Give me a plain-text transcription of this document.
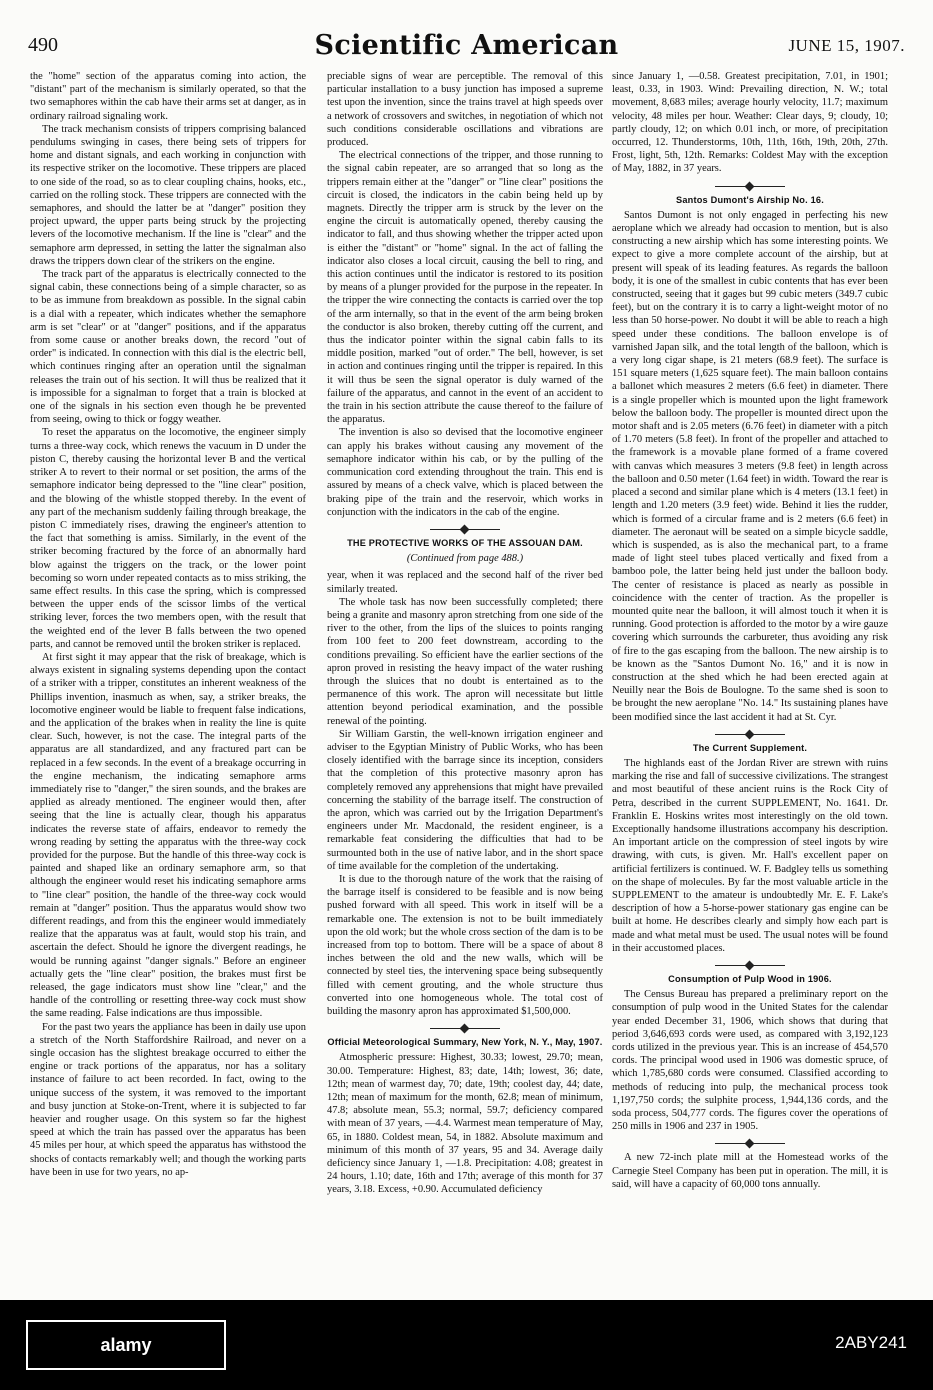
490	Scientific American	JUNE 15, 1907.

the "home" section of the apparatus coming into action, the "distant" part of the mechanism is similarly operated, so that the two semaphores within the cab have their arms set at danger, as in ordinary railroad signaling work.

The track mechanism consists of trippers comprising balanced pendulums swinging in cases, there being sets of trippers for home and distant signals, and each working in conjunction with its respective striker on the locomotive. These trippers are placed to one side of the road, so as to clear coupling chains, hooks, etc., carried on the rolling stock. These trippers are connected with the semaphores, and should the latter be at "danger" position they project upward, the upper parts being struck by the projecting levers of the locomotive mechanism. If the line is "clear" and the semaphore arm depressed, in setting the latter the signalman also draws the trippers down clear of the strikers on the engine.

The track part of the apparatus is electrically connected to the signal cabin, these connections being of a simple character, so as to be as immune from breakdown as possible. In the signal cabin is a dial with a repeater, which indicates whether the semaphore arm is set "clear" or at "danger" positions, and if the apparatus from some cause or another breaks down, the record "out of order" is indicated. In connection with this dial is the electric bell, which continues ringing after an operation until the signalman releases the train out of his section. It will thus be realized that it is impossible for a signalman to forget that a train is blocked at one of the signals in his section even though he be prevented from seeing, owing to thick or foggy weather.

To reset the apparatus on the locomotive, the engineer simply turns a three-way cock, which renews the vacuum in D under the piston C, thereby causing the horizontal lever B and the vertical striker A to revert to their normal or set position, the arms of the semaphore indicator being depressed to the "line clear" position, and the blowing of the whistle stopped thereby. In the event of any part of the mechanism suddenly failing through breakage, the piston C immediately rises, drawing the engineer's attention to the fact that something is amiss. Similarly, in the event of the striker becoming fractured by the force of an abnormally hard blow against the triggers on the track, or the lower point becoming so worn under repeated contacts as to miss striking, the same effect results. In this case the spring, which is compressed between the upper ends of the scissor limbs of the vertical striking lever, forces the two members open, with the result that the weighted end of the lever B falls between the two opened parts, and cannot be removed until the broken striker is replaced.

At first sight it may appear that the risk of breakage, which is always existent in signaling systems depending upon the contact of a striker with a tripper, constitutes an inherent weakness of the Phillips invention, inasmuch as when, say, a striker breaks, the locomotive engineer would be liable to frequent false indications, and the application of the brakes when in reality the line is quite clear. Such, however, is not the case. The integral parts of the apparatus are all standardized, and any fractured part can be replaced in a few seconds. In the event of a breakage occurring in the engine mechanism, the indicating semaphore arms immediately rise to "danger," the siren sounds, and the brakes are applied as already mentioned. The engineer would then, after seeing that the line is actually clear, though his apparatus indicates the reverse state of affairs, endeavor to remedy the wrong reading by setting the apparatus with the three-way cock provided for the purpose. But the handle of this three-way cock is painted and shaped like an ordinary semaphore arm, so that although the engineer would reset his indicating semaphore arms to "line clear" position, the handle of the three-way cock would remain at "danger" position. Thus the apparatus would show two different readings, and from this the engineer would immediately realize that the apparatus was at fault, would stop his train, and ascertain the defect. Should he ignore the divergent readings, he would be running against "danger signals." Before an engineer actually gets the "line clear" position, the brakes must first be released, the gage indicators must show line "clear," and the handle of the controlling or resetting three-way cock must show the same reading. False indications are thus impossible.

For the past two years the appliance has been in daily use upon a stretch of the North Staffordshire Railroad, and never on a single occasion has the slightest breakage occurred to either the engine or track portions of the apparatus, nor has a solitary instance of failure to act been recorded. In fact, owing to the unique success of the system, it was removed to the important and busy junction at Stoke-on-Trent, where it is subjected to far heavier and rougher usage. On this system so far the highest speed at which the train has passed over the apparatus has been 45 miles per hour, at which speed the apparatus has withstood the shocks of contacts remarkably well; and though the working parts have been in use for two years, no ap-

preciable signs of wear are perceptible. The removal of this particular installation to a busy junction has imposed a supreme test upon the invention, since the trains travel at high speeds over a network of crossovers and switches, in negotiation of which not such conditions considerable oscillations and vibrations are produced.

The electrical connections of the tripper, and those running to the signal cabin repeater, are so arranged that so long as the trippers remain either at the "danger" or "line clear" positions the circuit is closed, the indicators in the cabin being held up by magnets. Directly the tripper arm is struck by the lever on the engine the circuit is automatically opened, thereby causing the indicator to fall, and thus showing whether the tripper acted upon is either the "distant" or "home" signal. In the act of falling the indicator also closes a local circuit, causing the bell to ring, and this action continues until the indicator is restored to its position by means of a plunger provided for the purpose in the repeater. In the tripper the wire connecting the contacts is carried over the top of the arm internally, so that in the event of the arm being broken the conductor is also broken, thereby cutting off the current, and thus the indicator pointer within the signal cabin falls to its middle position, marked "out of order." The bell, however, is set in action and continues ringing until the tripper is repaired. In this it will thus be seen the signal operator is duly warned of the failure of the apparatus, and cannot in the event of an accident to the train in his section attribute the cause thereof to the failure of the apparatus.

The invention is also so devised that the locomotive engineer can apply his brakes without causing any movement of the semaphore indicator within his cab, or by the pulling of the communication cord extending throughout the train. This end is assured by means of a check valve, which is placed between the braking pipe of the train and the reservoir, which works in conjunction with the indicators in the cab of the engine.

THE PROTECTIVE WORKS OF THE ASSOUAN DAM.

(Continued from page 488.)

year, when it was replaced and the second half of the river bed similarly treated.

The whole task has now been successfully completed; there being a granite and masonry apron stretching from one side of the river to the other, from the lips of the sluices to points ranging from 100 feet to 200 feet downstream, according to the conditions prevailing. So efficient have the earlier sections of the apron proved in resisting the heavy impact of the water rushing through the sluices that no doubt is entertained as to the permanence of this work. The apron will necessitate but little attention beyond periodical examination, and the possible renewal of the pointing.

Sir William Garstin, the well-known irrigation engineer and adviser to the Egyptian Ministry of Public Works, who has been closely identified with the barrage since its inception, considers that the completion of this protective masonry apron has completely removed any apprehensions that might have prevailed concerning the stability of the barrage itself. The construction of the apron, which was carried out by the Irrigation Department's engineers under Mr. Macdonald, the resident engineer, is a remarkable feat considering the difficulties that had to be surmounted both in the use of native labor, and in the short space of time available for the completion of the undertaking.

It is due to the thorough nature of the work that the raising of the barrage itself is considered to be feasible and is now being pushed forward with all speed. This work in itself will be a remarkable one. The extension is not to be built immediately upon the old work; but the whole cross section of the dam is to be increased from top to bottom. There will be a space of about 8 inches between the old and the new walls, which will be connected by steel ties, the intervening space being subsequently filled with cement grouting, and the whole structure thus converted into one homogeneous whole. The total cost of building the masonry apron has approximated $1,500,000.

Official Meteorological Summary, New York, N. Y., May, 1907.

Atmospheric pressure: Highest, 30.33; lowest, 29.70; mean, 30.00. Temperature: Highest, 83; date, 14th; lowest, 36; date, 12th; mean of warmest day, 70; date, 19th; coolest day, 44; date, 12th; mean of maximum for the month, 62.8; mean of minimum, 47.8; absolute mean, 55.3; normal, 59.7; deficiency compared with mean of 37 years, —4.4. Warmest mean temperature of May, 65, in 1880. Coldest mean, 54, in 1882. Absolute maximum and minimum of this month of 37 years, 95 and 34. Average daily deficiency since January 1, —1.8. Precipitation: 4.08; greatest in 24 hours, 1.10; date, 16th and 17th; average of this month for 37 years, 3.18. Excess, +0.90. Accumulated deficiency

since January 1, —0.58. Greatest precipitation, 7.01, in 1901; least, 0.33, in 1903. Wind: Prevailing direction, N. W.; total movement, 8,683 miles; average hourly velocity, 11.7; maximum velocity, 48 miles per hour. Weather: Clear days, 9; cloudy, 10; partly cloudy, 12; on which 0.01 inch, or more, of precipitation occurred, 12. Thunderstorms, 10th, 11th, 16th, 19th, 20th, 27th. Frost, light, 5th, 12th. Remarks: Coldest May with the exception of May, 1882, in 37 years.

Santos Dumont's Airship No. 16.

Santos Dumont is not only engaged in perfecting his new aeroplane which we already had occasion to mention, but is also constructing a new airship which has some interesting points. We expect to give a more complete account of the airship, but at present will speak of its leading features. As regards the balloon body, it is one of the smallest in cubic contents that has ever been constructed, seeing that it gages but 99 cubic meters (349.7 cubic feet), but on the contrary it is to carry a light-weight motor of no less than 50 horse-power. No doubt it will be able to reach a high speed under these conditions. The balloon envelope is of varnished Japan silk, and the total length of the balloon, which is a very long cigar shape, is 21 meters (68.9 feet). The surface is 151 square meters (1,625 square feet). The main balloon contains a ballonet which measures 2 meters (6.6 feet) in diameter. There is a single propeller which is mounted upon the light framework below the balloon body. The propeller is mounted direct upon the motor shaft and is 2.05 meters (6.76 feet) in diameter with a pitch of 1.70 meters (5.8 feet). In front of the propeller and attached to the framework is a movable plane formed of a frame covered with canvas which measures 3 meters (9.8 feet) in length across the balloon and 0.50 meter (1.64 feet) in width. Toward the rear is placed a second and similar plane which is 4 meters (13.1 feet) in length and 1.20 meters (3.9 feet) wide. Behind it lies the rudder, which is formed of a circular frame and is 2 meters (6.6 feet) in diameter. The aeronaut will be seated on a simple bicycle saddle, which is suspended, as is also the mechanical part, to a frame made of light steel tubes placed vertically and fixed from a bamboo pole, the latter being held just under the balloon body. The center of resistance is placed as nearly as possible in coincidence with the center of traction. As the propeller is mounted quite near the balloon, it will almost touch it when it is running. Good protection is afforded to the motor by a wire gauze covering which surrounds the carbureter, thus avoiding any risk of fire to the gas escaping from the balloon. The new airship is to be known as the "Santos Dumont No. 16," and it is now in construction at the shed which he had been erected again at Neuilly near the Bois de Boulogne. To the same shed is soon to be brought the new aeroplane "No. 14." Its sustaining planes have been modified since the last accident it had at St. Cyr.

The Current Supplement.

The highlands east of the Jordan River are strewn with ruins marking the rise and fall of successive civilizations. The strangest and most beautiful of these ancient ruins is the Rock City of Petra, described in the current SUPPLEMENT, No. 1641. Dr. Franklin E. Hoskins writes most interestingly on the old town. Exceptionally handsome illustrations accompany his description. An important article on the compression of steel ingots by wire drawing, with cuts, is given. Mr. Hall's excellent paper on artificial fertilizers is continued. W. F. Badgley tells us something on the shape of molecules. By far the most valuable article in the SUPPLEMENT to the amateur is undoubtedly Mr. E. F. Lake's description of how a 5-horse-power stationary gas engine can be built at home. He describes clearly and simply how each part is made and what metal must be used. The usual notes will be found in their accustomed places.

Consumption of Pulp Wood in 1906.

The Census Bureau has prepared a preliminary report on the consumption of pulp wood in the United States for the calendar year ended December 31, 1906, which shows that during that period 3,646,693 cords were used, as compared with 3,192,123 cords utilized in the previous year. This is an increase of 454,570 cords. The principal wood used in 1906 was domestic spruce, of which 1,785,680 cords were consumed. Classified according to methods of reducing into pulp, the mechanical process took 1,197,750 cords; the sulphite process, 1,944,136 cords, and the soda process, 504,777 cords. The figures cover the operations of 250 mills in 1906 and 237 in 1905.

A new 72-inch plate mill at the Homestead works of the Carnegie Steel Company has been put in operation. The mill, it is said, will have a capacity of 60,000 tons annually.

alamy	2ABY241
